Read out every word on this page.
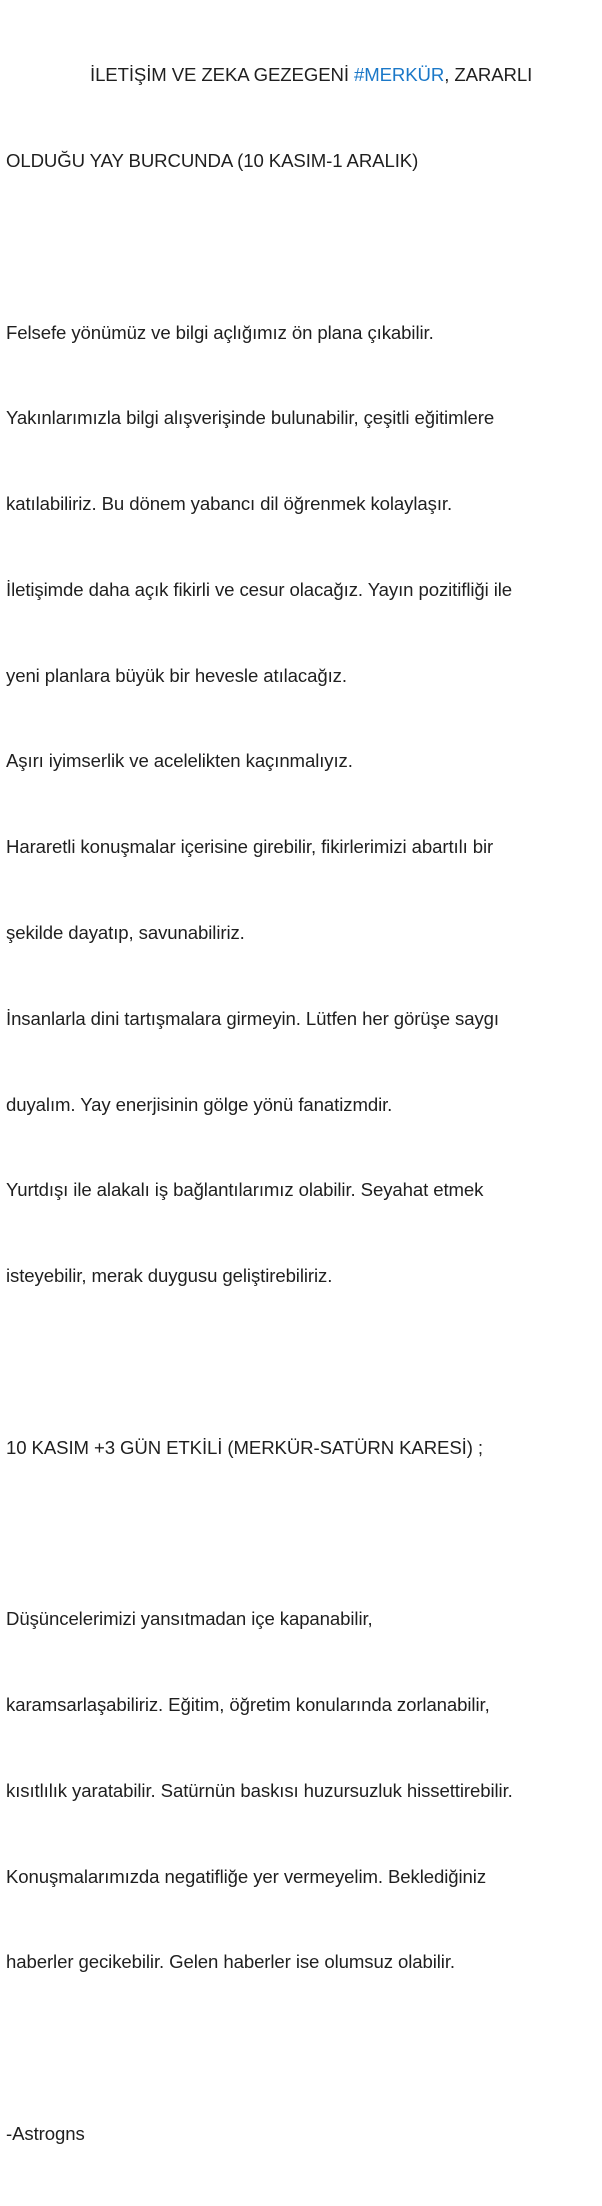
İLETİŞİM VE ZEKA GEZEGENİ #MERKÜR, ZARARLI

OLDUĞU YAY BURCUNDA (10 KASIM-1 ARALIK)

Felsefe yönümüz ve bilgi açlığımız ön plana çıkabilir.

Yakınlarımızla bilgi alışverişinde bulunabilir, çeşitli eğitimlere

katılabiliriz. Bu dönem yabancı dil öğrenmek kolaylaşır.

İletişimde daha açık fikirli ve cesur olacağız. Yayın pozitifliği ile

yeni planlara büyük bir hevesle atılacağız.

Aşırı iyimserlik ve acelelikten kaçınmalıyız.

Hararetli konuşmalar içerisine girebilir, fikirlerimizi abartılı bir

şekilde dayatıp, savunabiliriz.

İnsanlarla dini tartışmalara girmeyin. Lütfen her görüşe saygı

duyalım. Yay enerjisinin gölge yönü fanatizmdir.

Yurtdışı ile alakalı iş bağlantılarımız olabilir. Seyahat etmek

isteyebilir, merak duygusu geliştirebiliriz.

10 KASIM +3 GÜN ETKİLİ (MERKÜR-SATÜRN KARESİ) ;

Düşüncelerimizi yansıtmadan içe kapanabilir,

karamsarlaşabiliriz. Eğitim, öğretim konularında zorlanabilir,

kısıtlılık yaratabilir. Satürnün baskısı huzursuzluk hissettirebilir.

Konuşmalarımızda negatifliğe yer vermeyelim. Beklediğiniz

haberler gecikebilir. Gelen haberler ise olumsuz olabilir.

-Astrogns
